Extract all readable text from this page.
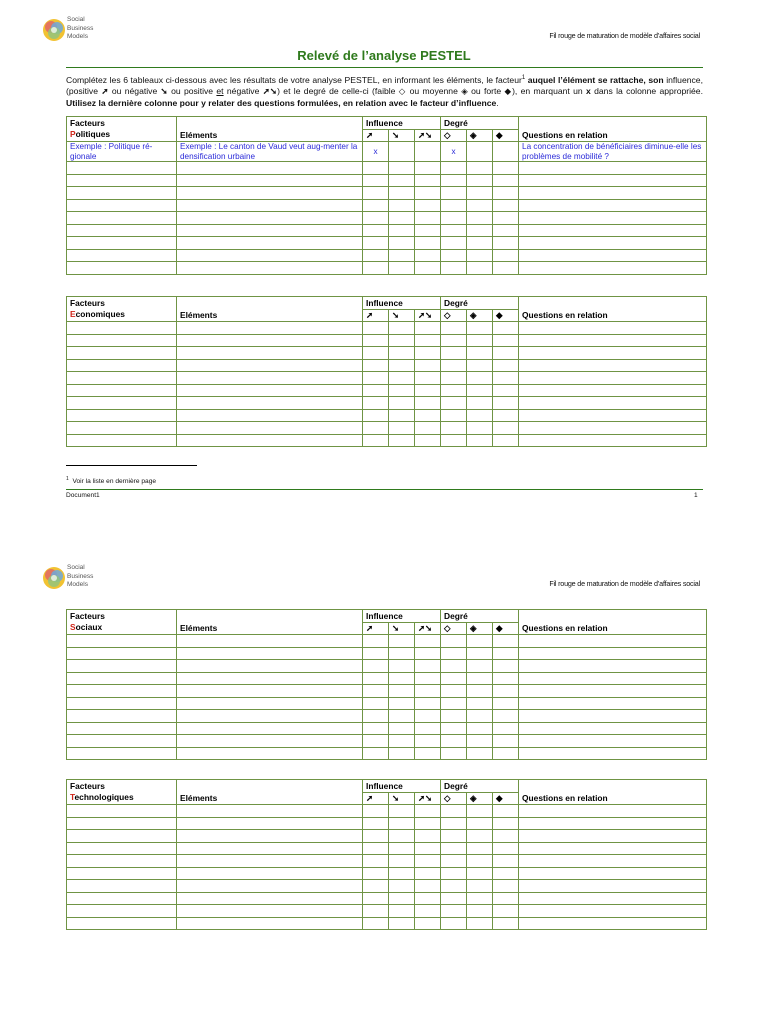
Social
Business
Models	Fil rouge de maturation de modèle d’affaires social
Relevé de l’analyse PESTEL
Complétez les 6 tableaux ci-dessous avec les résultats de votre analyse PESTEL, en informant les éléments, le facteur$^1$ auquel l’élément se rattache, son influence, (positive ➚ ou négative ➘ ou positive et négative ➚➘) et le degré de celle-ci (faible ◇ ou moyenne ◈ ou forte ◆), en marquant un x dans la colonne appropriée. Utilisez la dernière colonne pour y relater des questions formulées, en relation avec le facteur d’influence.
Facteurs
Politiques	Eléments	Influence			Degré			Questions en relation
		➚	➘	➚➘	◇	◈	◆	
Exemple : Politique ré-gionale	Exemple : Le canton de Vaud veut aug-menter la densification urbaine	x			x			La concentration de bénéficiaires diminue-elle les problèmes de mobilité ?

Facteurs
Economiques	Eléments	Influence			Degré			Questions en relation
		➚	➘	➚➘	◇	◈	◆	

$^1$ Voir la liste en dernière page
Document1	1
Social
Business
Models	Fil rouge de maturation de modèle d’affaires social
Facteurs
Sociaux	Eléments	Influence			Degré			Questions en relation
		➚	➘	➚➘	◇	◈	◆	

Facteurs
Technologiques	Eléments	Influence			Degré			Questions en relation
		➚	➘	➚➘	◇	◈	◆	
